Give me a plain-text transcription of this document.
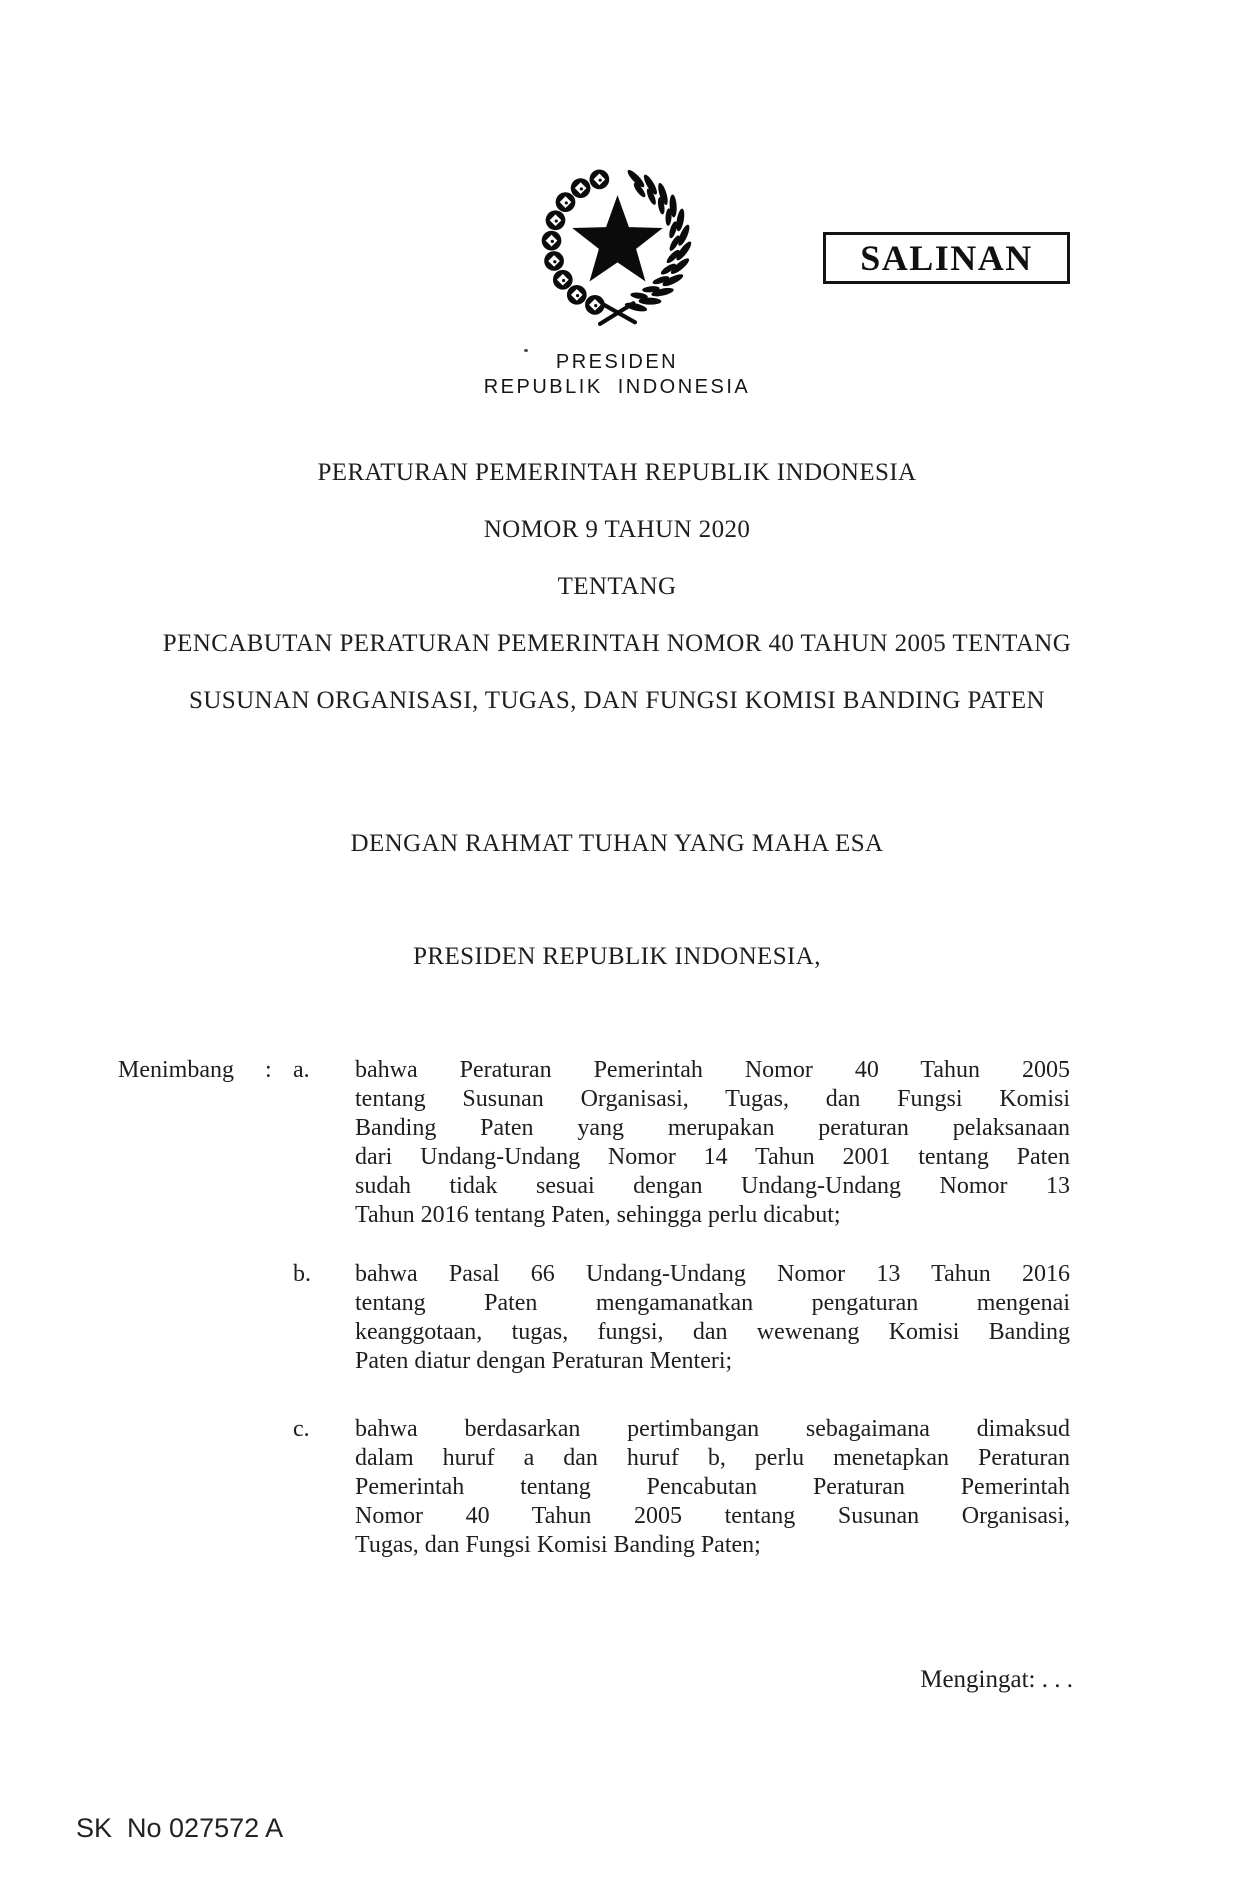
SALINAN
PRESIDEN
REPUBLIK INDONESIA
PERATURAN PEMERINTAH REPUBLIK INDONESIA
NOMOR 9 TAHUN 2020
TENTANG
PENCABUTAN PERATURAN PEMERINTAH NOMOR 40 TAHUN 2005 TENTANG
SUSUNAN ORGANISASI, TUGAS, DAN FUNGSI KOMISI BANDING PATEN
DENGAN RAHMAT TUHAN YANG MAHA ESA
PRESIDEN REPUBLIK INDONESIA,
Menimbang	: a.	bahwa Peraturan Pemerintah Nomor 40 Tahun 2005
tentang Susunan Organisasi, Tugas, dan Fungsi Komisi
Banding Paten yang merupakan peraturan pelaksanaan
dari Undang-Undang Nomor 14 Tahun 2001 tentang Paten
sudah tidak sesuai dengan Undang-Undang Nomor 13
Tahun 2016 tentang Paten, sehingga perlu dicabut;
b.	bahwa Pasal 66 Undang-Undang Nomor 13 Tahun 2016
tentang Paten mengamanatkan pengaturan mengenai
keanggotaan, tugas, fungsi, dan wewenang Komisi Banding
Paten diatur dengan Peraturan Menteri;
c.	bahwa berdasarkan pertimbangan sebagaimana dimaksud
dalam huruf a dan huruf b, perlu menetapkan Peraturan
Pemerintah tentang Pencabutan Peraturan Pemerintah
Nomor 40 Tahun 2005 tentang Susunan Organisasi,
Tugas, dan Fungsi Komisi Banding Paten;
Mengingat: . . .
SK  No 027572 A
